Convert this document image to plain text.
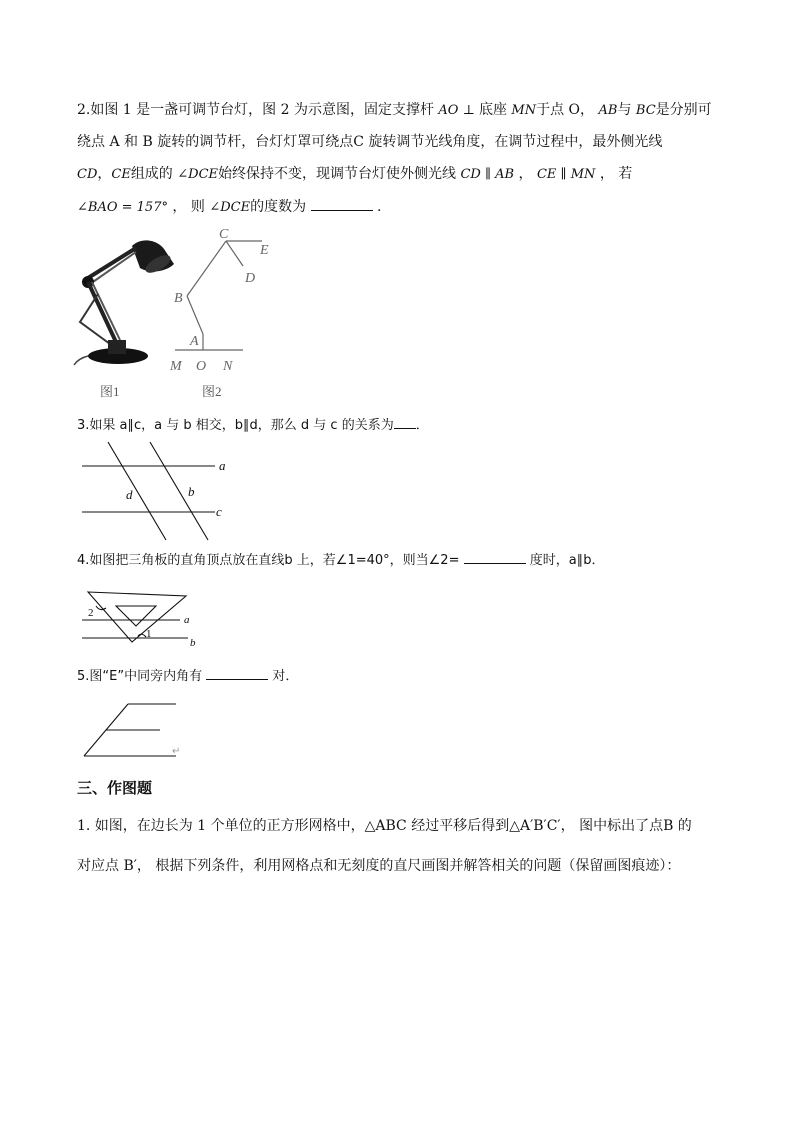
2.如图 1 是一盏可调节台灯，图 2 为示意图，固定支撑杆 AO ⊥ 底座 MN于点 O， AB与 BC是分别可
绕点 A 和 B 旋转的调节杆，台灯灯罩可绕点C 旋转调节光线角度，在调节过程中，最外侧光线
CD，CE组成的 ∠DCE始终保持不变，现调节台灯使外侧光线 CD ∥ AB ， CE ∥ MN ， 若
∠BAO = 157° ， 则 ∠DCE的度数为	.
图1
C
E
D
B
A
M O N
图2
3.如果 a∥c，a 与 b 相交，b∥d，那么 d 与 c 的关系为 ．
a
c
d	b
4.如图把三角板的直角顶点放在直线b 上，若∠1=40°，则当∠2=	度时，a∥b．
2
1
a
b
5.图“E”中同旁内角有	对．
↵
三、作图题
1. 如图，在边长为 1 个单位的正方形网格中，△ABC 经过平移后得到△A′B′C′， 图中标出了点B 的
对应点 B′， 根据下列条件，利用网格点和无刻度的直尺画图并解答相关的问题（保留画图痕迹）：
